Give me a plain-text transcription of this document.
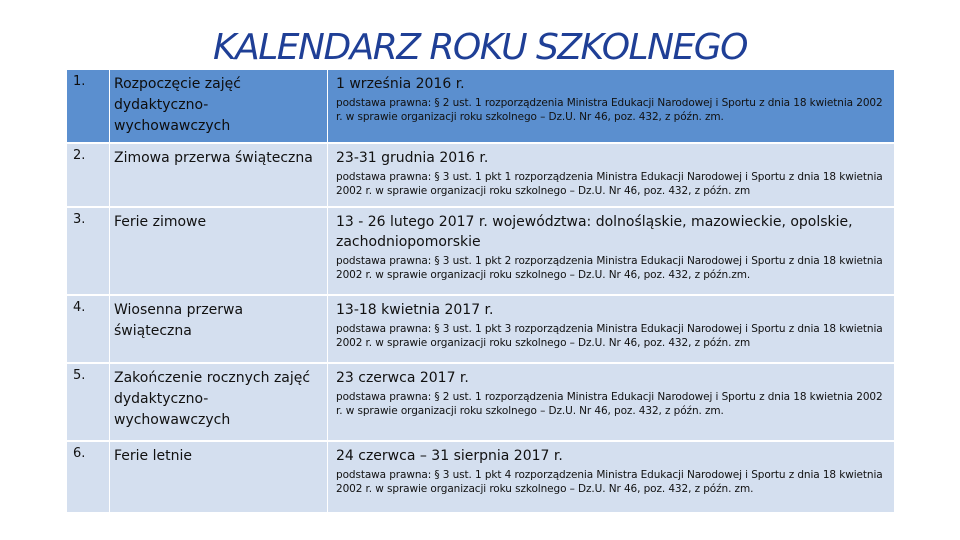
KALENDARZ ROKU SZKOLNEGO
1.	Rozpoczęcie zajęć dydaktyczno-wychowawczych	1 września 2016 r.
podstawa prawna: § 2 ust. 1 rozporządzenia Ministra Edukacji Narodowej i Sportu z dnia 18 kwietnia 2002 r. w sprawie organizacji roku szkolnego – Dz.U. Nr 46, poz. 432, z późn. zm.

2.	Zimowa przerwa świąteczna	23-31 grudnia 2016 r.
podstawa prawna: § 3 ust. 1 pkt 1 rozporządzenia Ministra Edukacji Narodowej i Sportu z dnia 18 kwietnia 2002 r. w sprawie organizacji roku szkolnego – Dz.U. Nr 46, poz. 432, z późn. zm

3.	Ferie zimowe	13 - 26 lutego 2017 r. województwa: dolnośląskie, mazowieckie, opolskie, zachodniopomorskie
podstawa prawna: § 3 ust. 1 pkt 2 rozporządzenia Ministra Edukacji Narodowej i Sportu z dnia 18 kwietnia 2002 r. w sprawie organizacji roku szkolnego – Dz.U. Nr 46, poz. 432, z późn.zm.

4.	Wiosenna przerwa świąteczna	13-18 kwietnia 2017 r.
podstawa prawna: § 3 ust. 1 pkt 3 rozporządzenia Ministra Edukacji Narodowej i Sportu z dnia 18 kwietnia 2002 r. w sprawie organizacji roku szkolnego – Dz.U. Nr 46, poz. 432, z późn. zm

5.	Zakończenie rocznych zajęć dydaktyczno-wychowawczych	23 czerwca 2017 r.
podstawa prawna: § 2 ust. 1 rozporządzenia Ministra Edukacji Narodowej i Sportu z dnia 18 kwietnia 2002 r. w sprawie organizacji roku szkolnego – Dz.U. Nr 46, poz. 432, z późn. zm.

6.	Ferie letnie	24 czerwca – 31 sierpnia 2017 r.
podstawa prawna: § 3 ust. 1 pkt 4 rozporządzenia Ministra Edukacji Narodowej i Sportu z dnia 18 kwietnia 2002 r. w sprawie organizacji roku szkolnego – Dz.U. Nr 46, poz. 432, z późn. zm.
